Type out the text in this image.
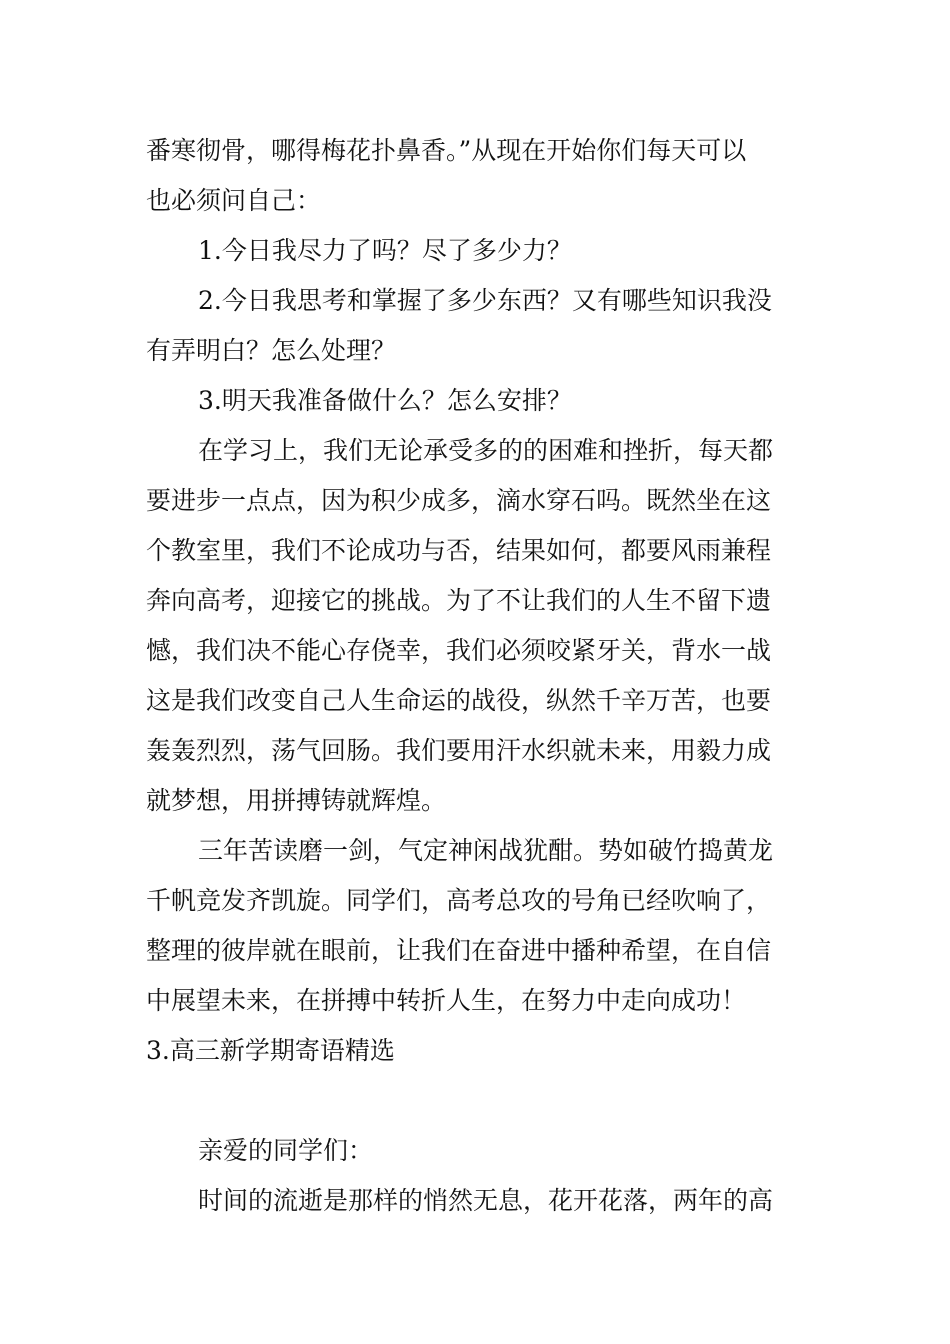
番寒彻骨，哪得梅花扑鼻香。”从现在开始你们每天可以
也必须问自己：
1.今日我尽力了吗？尽了多少力？
2.今日我思考和掌握了多少东西？又有哪些知识我没
有弄明白？怎么处理？
3.明天我准备做什么？怎么安排？
在学习上，我们无论承受多的的困难和挫折，每天都
要进步一点点，因为积少成多，滴水穿石吗。既然坐在这
个教室里，我们不论成功与否，结果如何，都要风雨兼程
奔向高考，迎接它的挑战。为了不让我们的人生不留下遗
憾，我们决不能心存侥幸，我们必须咬紧牙关，背水一战
这是我们改变自己人生命运的战役，纵然千辛万苦，也要
轰轰烈烈，荡气回肠。我们要用汗水织就未来，用毅力成
就梦想，用拼搏铸就辉煌。
三年苦读磨一剑，气定神闲战犹酣。势如破竹捣黄龙
千帆竞发齐凯旋。同学们，高考总攻的号角已经吹响了，
整理的彼岸就在眼前，让我们在奋进中播种希望，在自信
中展望未来，在拼搏中转折人生，在努力中走向成功！
3.高三新学期寄语精选
亲爱的同学们：
时间的流逝是那样的悄然无息，花开花落，两年的高
